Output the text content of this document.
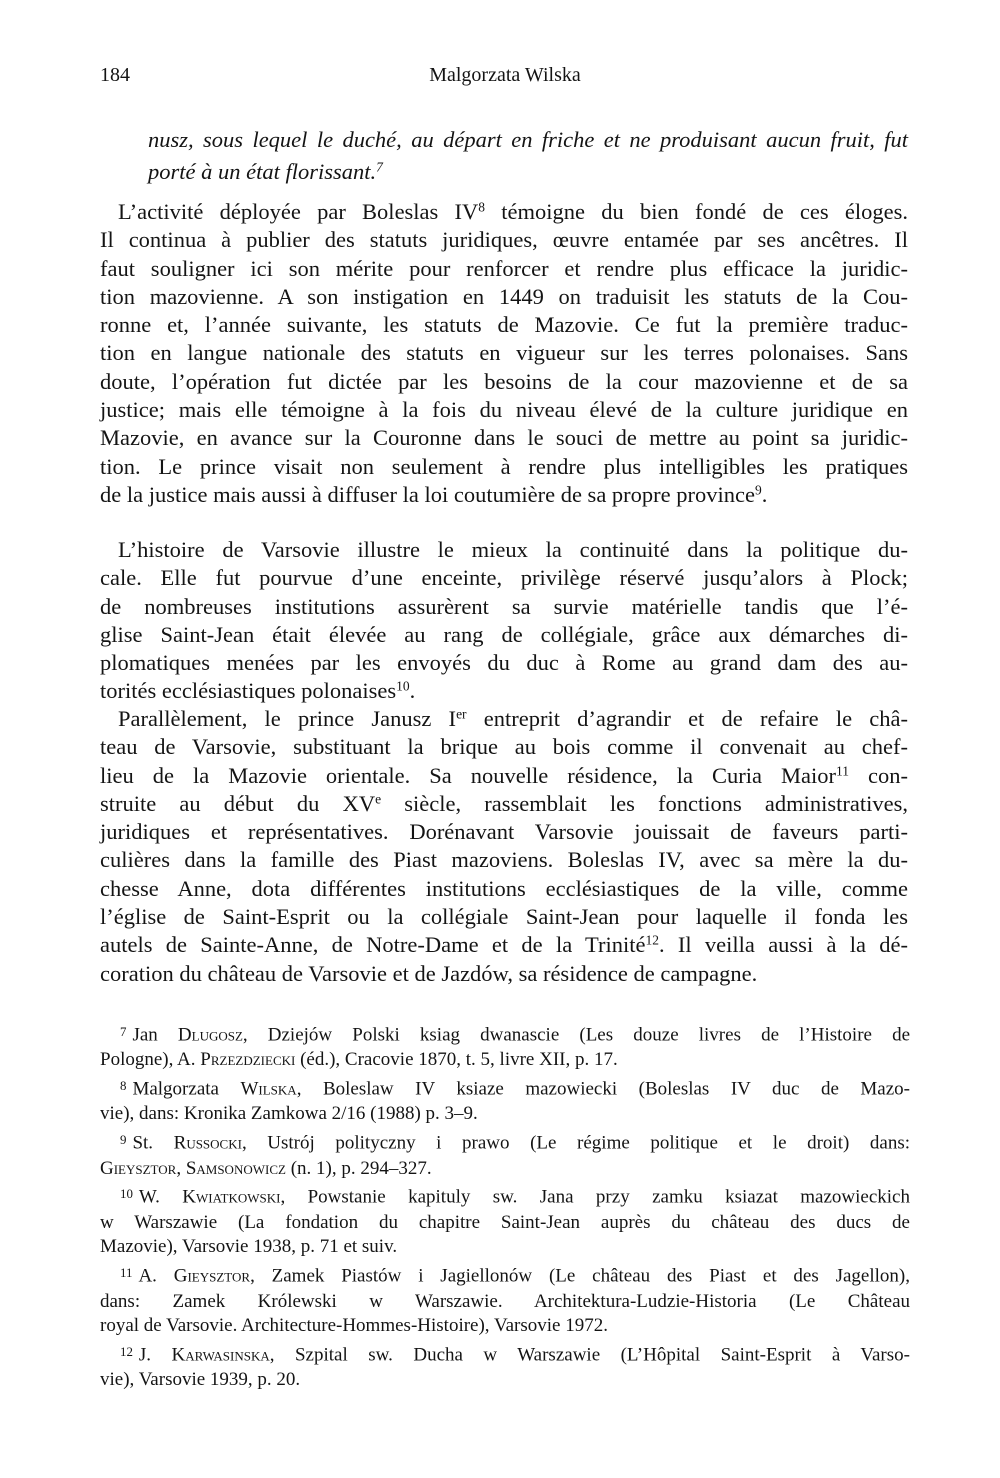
184	Malgorzata Wilska
nusz, sous lequel le duché, au départ en friche et ne produisant aucun fruit, fut
porté à un état florissant.$^7$
L’activité déployée par Boleslas $IV^8$ témoigne du bien fondé de ces éloges.
Il continua à publier des statuts juridiques, œuvre entamée par ses ancêtres. Il
faut souligner ici son mérite pour renforcer et rendre plus efficace la juridic-
tion mazovienne. A son instigation en 1449 on traduisit les statuts de la Cou-
ronne et, l’année suivante, les statuts de Mazovie. Ce fut la première traduc-
tion en langue nationale des statuts en vigueur sur les terres polonaises. Sans
doute, l’opération fut dictée par les besoins de la cour mazovienne et de sa
justice; mais elle témoigne à la fois du niveau élevé de la culture juridique en
Mazovie, en avance sur la Couronne dans le souci de mettre au point sa juridic-
tion. Le prince visait non seulement à rendre plus intelligibles les pratiques
de la justice mais aussi à diffuser la loi coutumière de sa propre province$^9$.
L’histoire de Varsovie illustre le mieux la continuité dans la politique du-
cale. Elle fut pourvue d’une enceinte, privilège réservé jusqu’alors à Plock;
de nombreuses institutions assurèrent sa survie matérielle tandis que l’é-
glise Saint-Jean était élevée au rang de collégiale, grâce aux démarches di-
plomatiques menées par les envoyés du duc à Rome au grand dam des au-
torités ecclésiastiques polonaises$^{10}$.
Parallèlement, le prince Janusz Ier entreprit d’agrandir et de refaire le châ-
teau de Varsovie, substituant la brique au bois comme il convenait au chef-
lieu de la Mazovie orientale. Sa nouvelle résidence, la Curia Maior$^{11}$ con-
struite au début du XVe siècle, rassemblait les fonctions administratives,
juridiques et représentatives. Dorénavant Varsovie jouissait de faveurs parti-
culières dans la famille des Piast mazoviens. Boleslas IV, avec sa mère la du-
chesse Anne, dota différentes institutions ecclésiastiques de la ville, comme
l’église de Saint-Esprit ou la collégiale Saint-Jean pour laquelle il fonda les
autels de Sainte-Anne, de Notre-Dame et de la Trinité$^{12}$. Il veilla aussi à la dé-
coration du château de Varsovie et de Jazdów, sa résidence de campagne.
$^7$ Jan Dlugosz, Dziejów Polski ksiag dwanascie (Les douze livres de l’Histoire de
Pologne), A. Przezdziecki (éd.), Cracovie 1870, t. 5, livre XII, p. 17.
$^8$ Malgorzata Wilska, Boleslaw IV ksiaze mazowiecki (Boleslas IV duc de Mazo-
vie), dans: Kronika Zamkowa 2/16 (1988) p. 3–9.
$^9$ St. Russocki, Ustrój polityczny i prawo (Le régime politique et le droit) dans:
Gieysztor, Samsonowicz (n. 1), p. 294–327.
$^{10}$ W. Kwiatkowski, Powstanie kapituly sw. Jana przy zamku ksiazat mazowieckich
w Warszawie (La fondation du chapitre Saint-Jean auprès du château des ducs de
Mazovie), Varsovie 1938, p. 71 et suiv.
$^{11}$ A. Gieysztor, Zamek Piastów i Jagiellonów (Le château des Piast et des Jagellon),
dans: Zamek Królewski w Warszawie. Architektura-Ludzie-Historia (Le Château
royal de Varsovie. Architecture-Hommes-Histoire), Varsovie 1972.
$^{12}$ J. Karwasinska, Szpital sw. Ducha w Warszawie (L’Hôpital Saint-Esprit à Varso-
vie), Varsovie 1939, p. 20.
